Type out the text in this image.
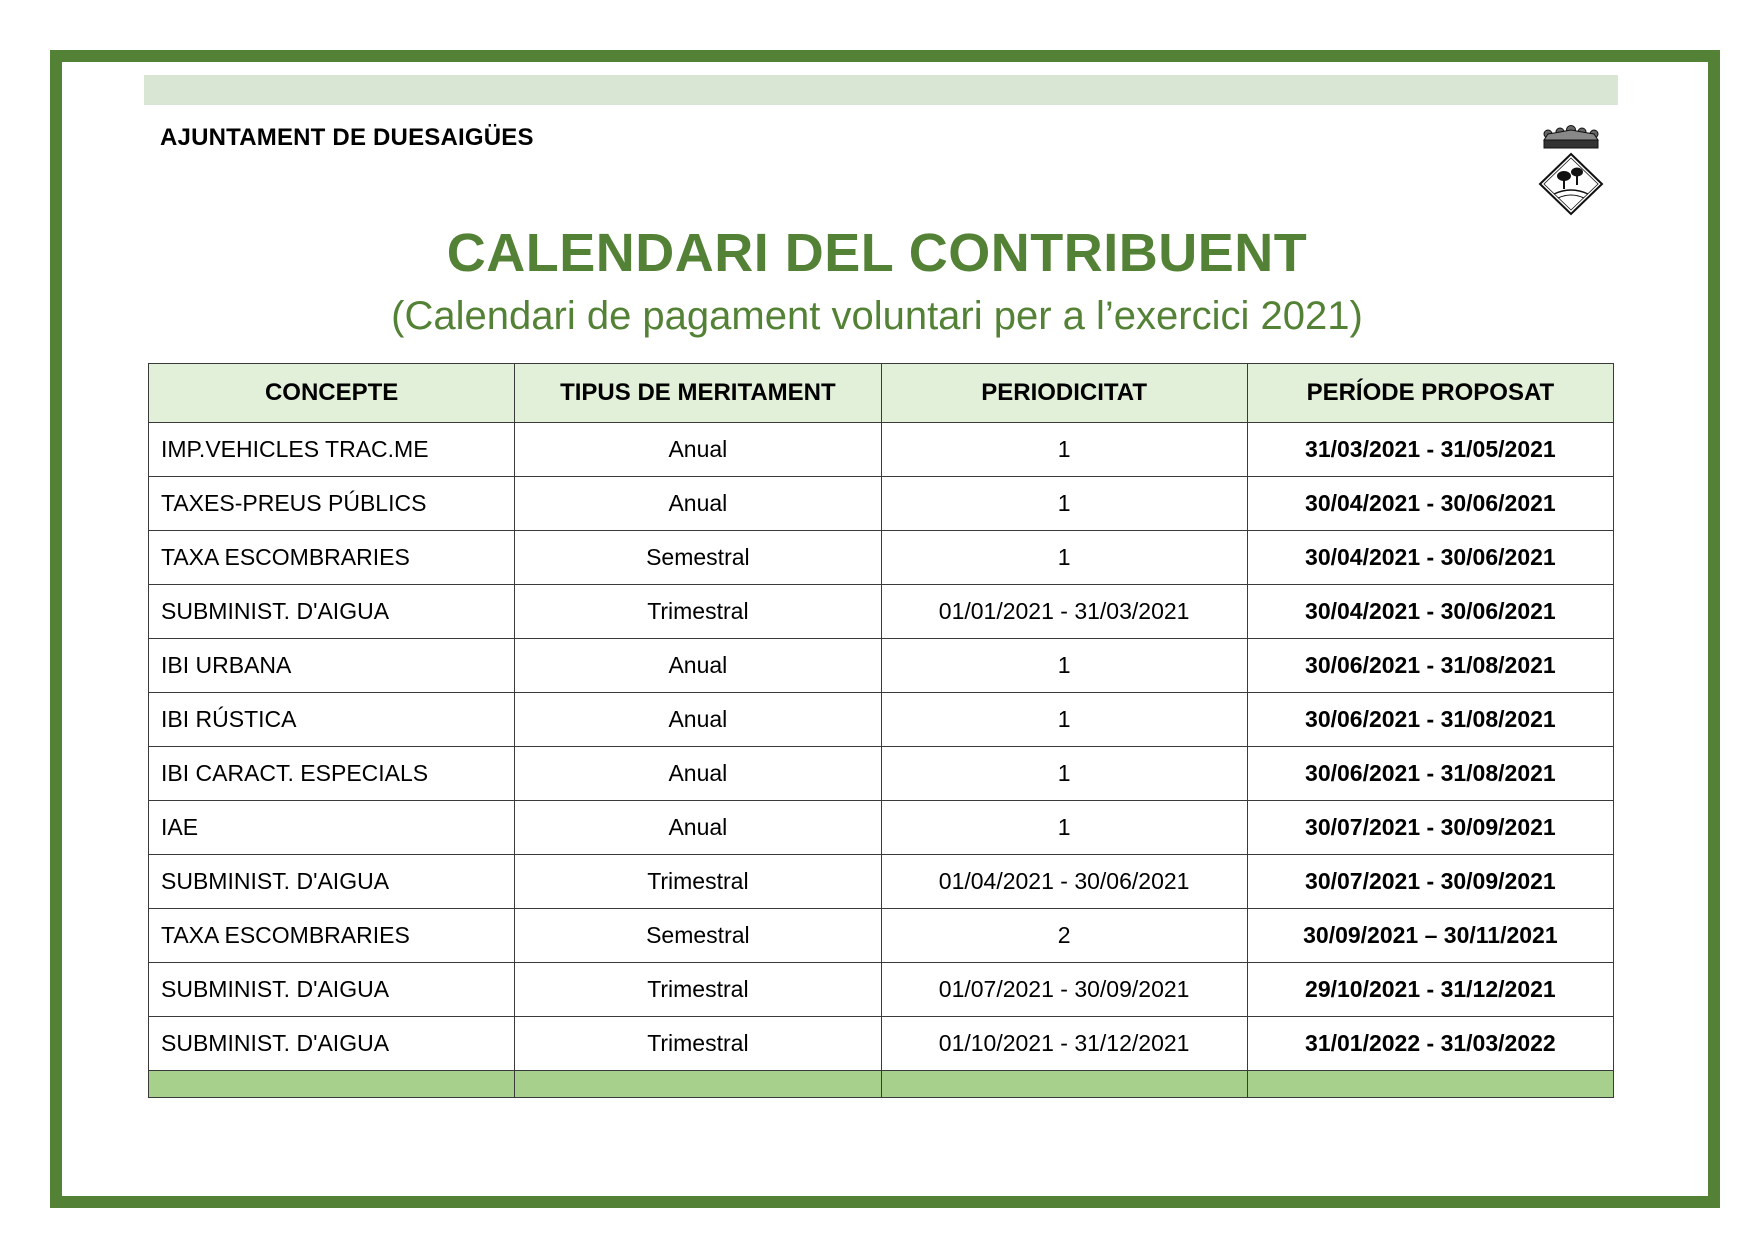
AJUNTAMENT DE DUESAIGÜES
CALENDARI DEL CONTRIBUENT
(Calendari de pagament voluntari per a l’exercici 2021)
CONCEPTE	TIPUS DE MERITAMENT	PERIODICITAT	PERÍODE PROPOSAT
IMP.VEHICLES TRAC.ME	Anual	1	31/03/2021 - 31/05/2021
TAXES-PREUS PÚBLICS	Anual	1	30/04/2021 - 30/06/2021
TAXA ESCOMBRARIES	Semestral	1	30/04/2021 - 30/06/2021
SUBMINIST. D'AIGUA	Trimestral	01/01/2021 - 31/03/2021	30/04/2021 - 30/06/2021
IBI URBANA	Anual	1	30/06/2021 - 31/08/2021
IBI RÚSTICA	Anual	1	30/06/2021 - 31/08/2021
IBI CARACT. ESPECIALS	Anual	1	30/06/2021 - 31/08/2021
IAE	Anual	1	30/07/2021 - 30/09/2021
SUBMINIST. D'AIGUA	Trimestral	01/04/2021 - 30/06/2021	30/07/2021 - 30/09/2021
TAXA ESCOMBRARIES	Semestral	2	30/09/2021 – 30/11/2021
SUBMINIST. D'AIGUA	Trimestral	01/07/2021 - 30/09/2021	29/10/2021 - 31/12/2021
SUBMINIST. D'AIGUA	Trimestral	01/10/2021 - 31/12/2021	31/01/2022 - 31/03/2022
